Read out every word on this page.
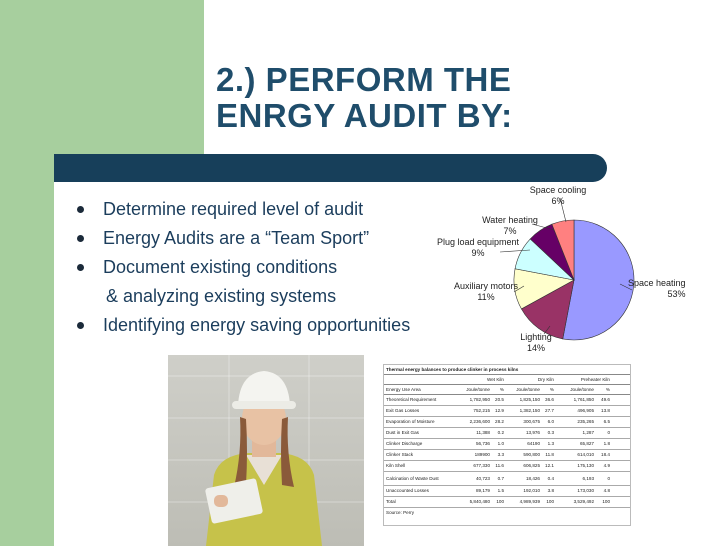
2.) PERFORM THE
ENRGY AUDIT BY:
Determine required level of audit
Energy Audits are a “Team Sport”
Document existing conditions
& analyzing existing systems
Identifying energy saving opportunities
Space heating
53%
Lighting
14%
Auxiliary motors
11%
Plug load equipment
9%
Water heating
7%
Space cooling
6%
Thermal energy balances to produce clinker in process kilns
Wet Kiln	Dry Kiln	Preheater Kiln
Energy Use Area	Joule/tonne	%	Joule/tonne	%	Joule/tonne	%
Theoretical Requirement	1,782,950	20.5	1,825,150	36.6	1,761,850	49.6
Exit Gas Losses	752,215	12.9	1,382,150	27.7	496,905	13.8
Evaporation of Moisture	2,236,600	28.2	300,675	6.0	235,265	6.5
Dust in Exit Gas	11,388	0.2	13,976	0.3	1,287	0
Clinker Discharge	56,736	1.0	64190	1.3	65,827	1.8
Clinker Stack	189900	3.3	590,800	11.8	614,010	18.4
Kiln Shell	677,330	11.6	606,825	12.1	175,130	4.9
Calcination of Waste Dust	40,723	0.7	18,426	0.4	6,193	0
Unaccounted Losses	89,179	1.5	192,010	3.8	173,030	4.8
Total	5,840,480	100	4,989,939	100	3,529,492	100
Source: Perry
